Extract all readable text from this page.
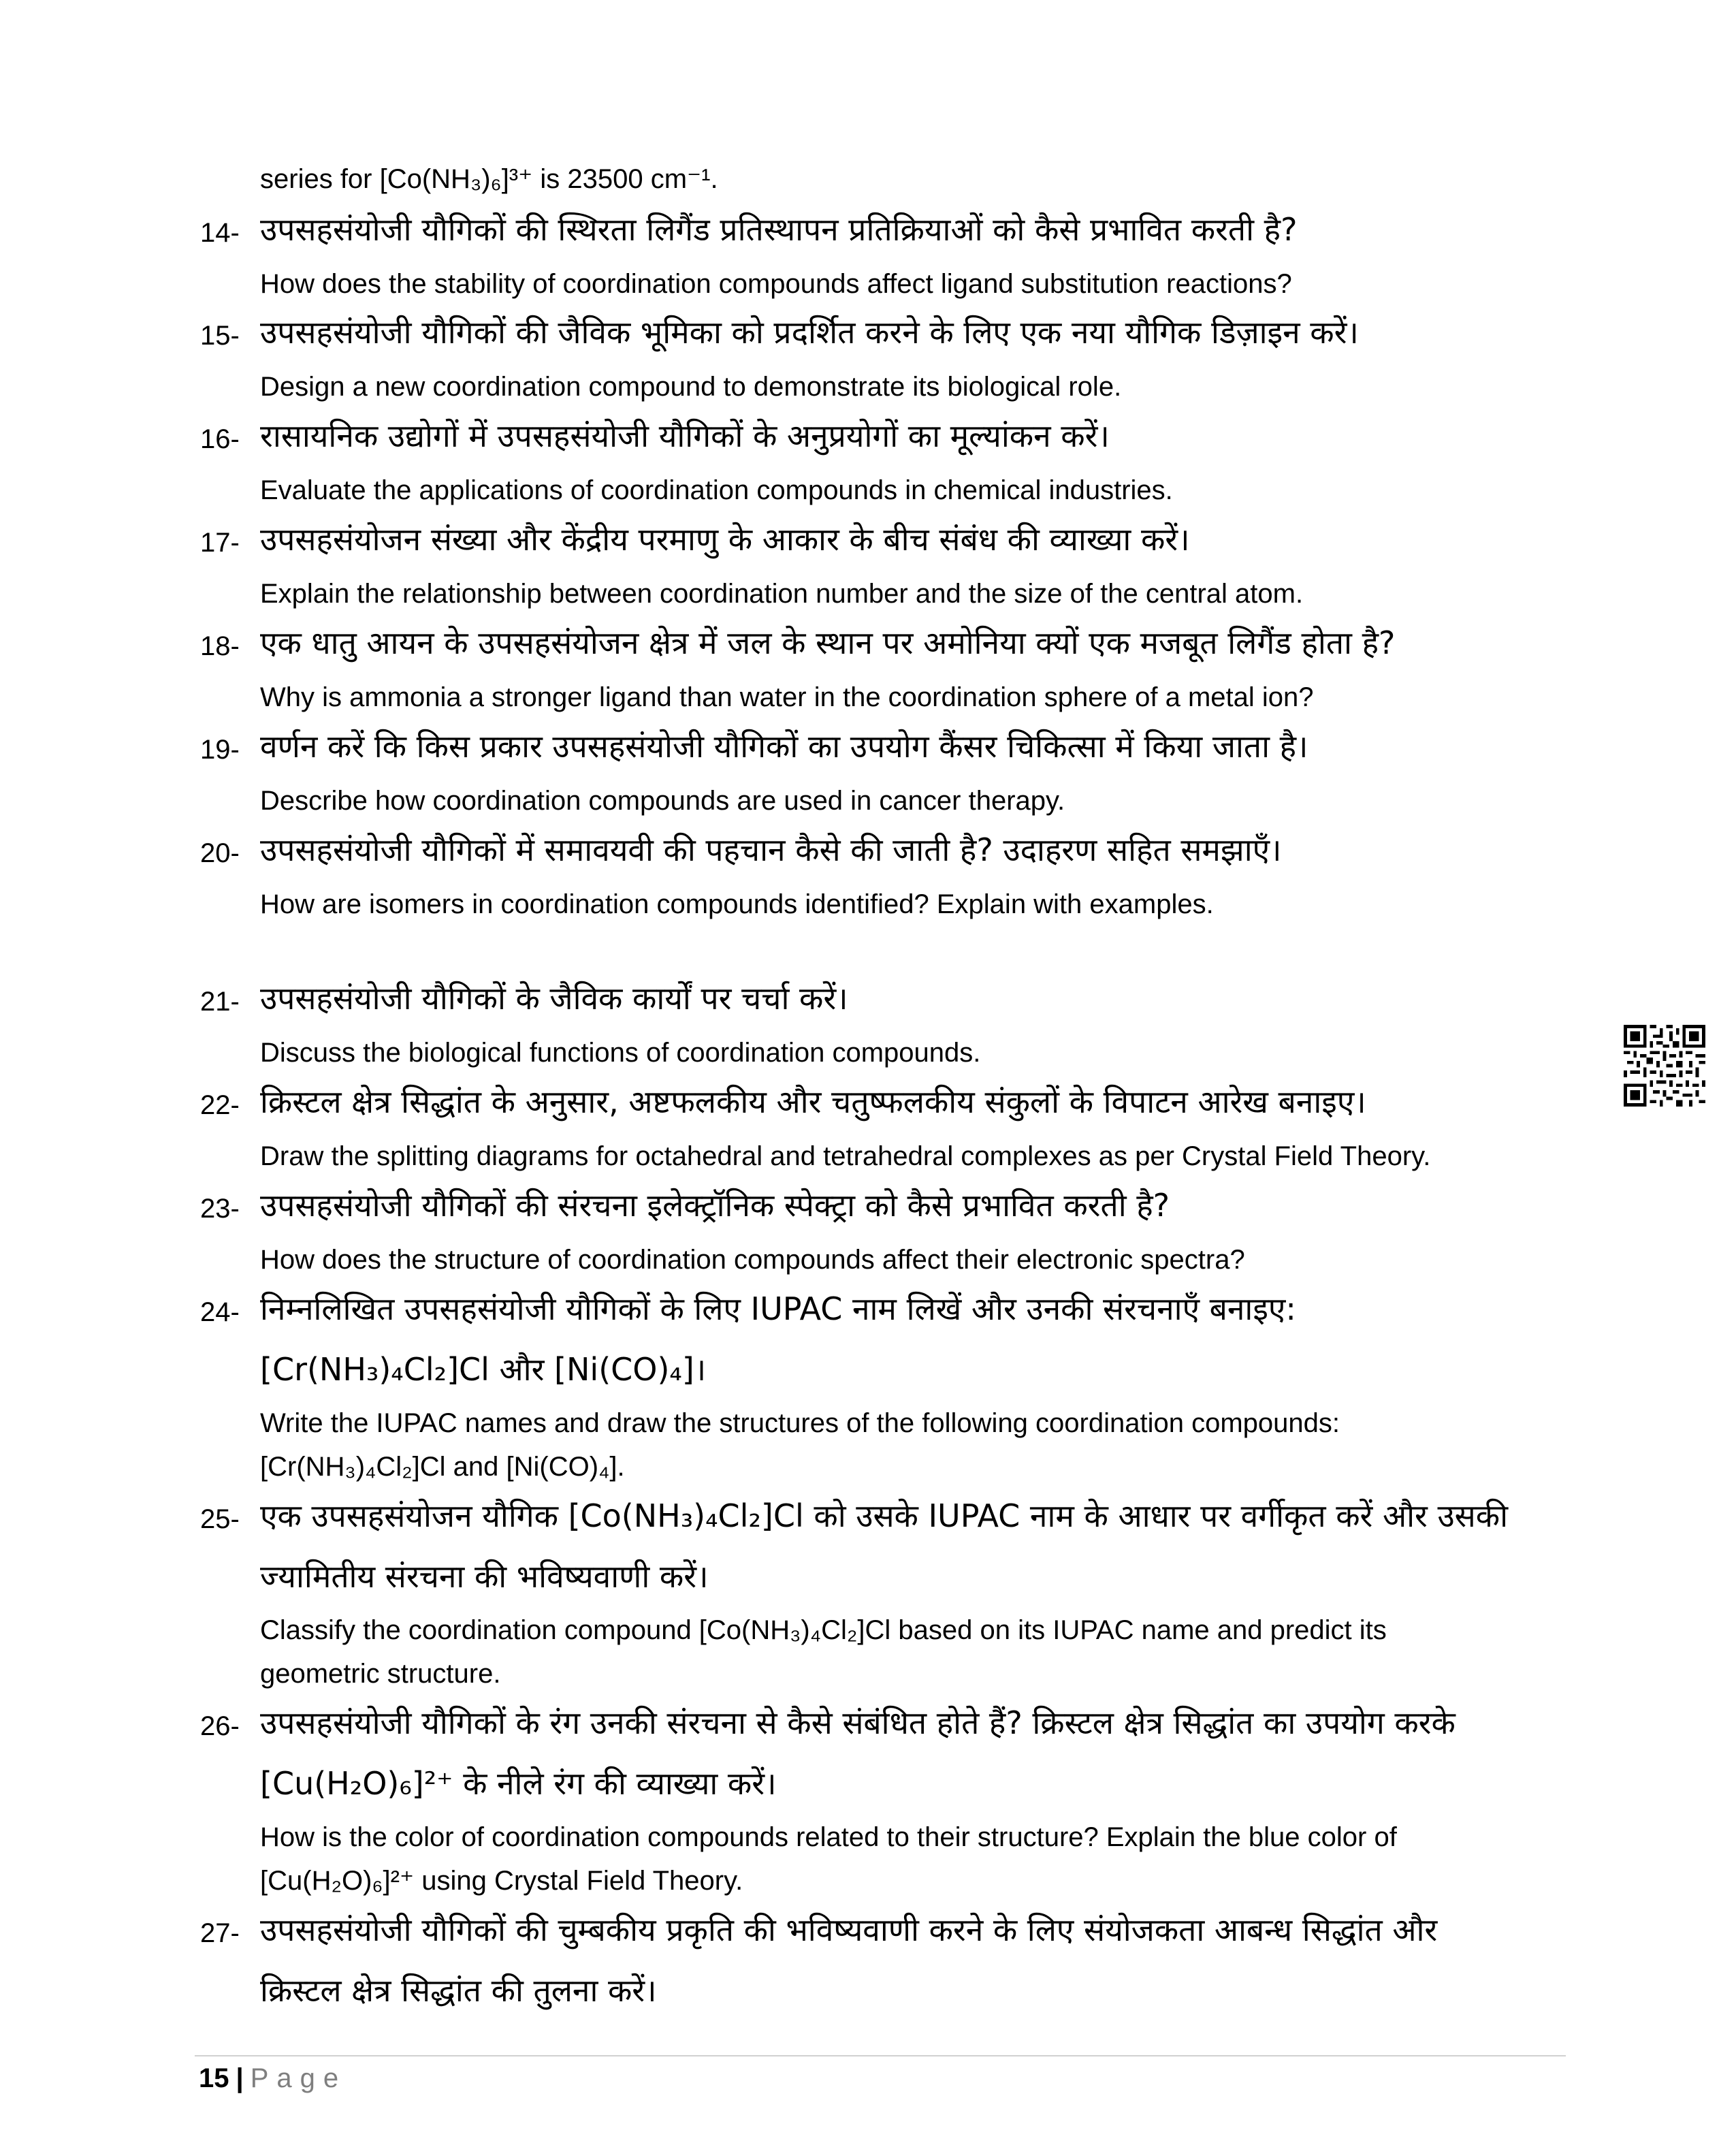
series for [Co(NH₃)₆]³⁺ is 23500 cm⁻¹.
14- उपसहसंयोजी यौगिकों की स्थिरता लिगैंड प्रतिस्थापन प्रतिक्रियाओं को कैसे प्रभावित करती है?
How does the stability of coordination compounds affect ligand substitution reactions?
15- उपसहसंयोजी यौगिकों की जैविक भूमिका को प्रदर्शित करने के लिए एक नया यौगिक डिज़ाइन करें।
Design a new coordination compound to demonstrate its biological role.
16- रासायनिक उद्योगों में उपसहसंयोजी यौगिकों के अनुप्रयोगों का मूल्यांकन करें।
Evaluate the applications of coordination compounds in chemical industries.
17- उपसहसंयोजन संख्या और केंद्रीय परमाणु के आकार के बीच संबंध की व्याख्या करें।
Explain the relationship between coordination number and the size of the central atom.
18- एक धातु आयन के उपसहसंयोजन क्षेत्र में जल के स्थान पर अमोनिया क्यों एक मजबूत लिगैंड होता है?
Why is ammonia a stronger ligand than water in the coordination sphere of a metal ion?
19- वर्णन करें कि किस प्रकार उपसहसंयोजी यौगिकों का उपयोग कैंसर चिकित्सा में किया जाता है।
Describe how coordination compounds are used in cancer therapy.
20- उपसहसंयोजी यौगिकों में समावयवी की पहचान कैसे की जाती है? उदाहरण सहित समझाएँ।
How are isomers in coordination compounds identified? Explain with examples.
21- उपसहसंयोजी यौगिकों के जैविक कार्यों पर चर्चा करें।
Discuss the biological functions of coordination compounds.
22- क्रिस्टल क्षेत्र सिद्धांत के अनुसार, अष्टफलकीय और चतुष्फलकीय संकुलों के विपाटन आरेख बनाइए।
Draw the splitting diagrams for octahedral and tetrahedral complexes as per Crystal Field Theory.
23- उपसहसंयोजी यौगिकों की संरचना इलेक्ट्रॉनिक स्पेक्ट्रा को कैसे प्रभावित करती है?
How does the structure of coordination compounds affect their electronic spectra?
24- निम्नलिखित उपसहसंयोजी यौगिकों के लिए IUPAC नाम लिखें और उनकी संरचनाएँ बनाइए:
[Cr(NH₃)₄Cl₂]Cl और [Ni(CO)₄]।
Write the IUPAC names and draw the structures of the following coordination compounds:
[Cr(NH₃)₄Cl₂]Cl and [Ni(CO)₄].
25- एक उपसहसंयोजन यौगिक [Co(NH₃)₄Cl₂]Cl को उसके IUPAC नाम के आधार पर वर्गीकृत करें और उसकी
ज्यामितीय संरचना की भविष्यवाणी करें।
Classify the coordination compound [Co(NH₃)₄Cl₂]Cl based on its IUPAC name and predict its
geometric structure.
26- उपसहसंयोजी यौगिकों के रंग उनकी संरचना से कैसे संबंधित होते हैं? क्रिस्टल क्षेत्र सिद्धांत का उपयोग करके
[Cu(H₂O)₆]²⁺ के नीले रंग की व्याख्या करें।
How is the color of coordination compounds related to their structure? Explain the blue color of
[Cu(H₂O)₆]²⁺ using Crystal Field Theory.
27- उपसहसंयोजी यौगिकों की चुम्बकीय प्रकृति की भविष्यवाणी करने के लिए संयोजकता आबन्ध सिद्धांत और
क्रिस्टल क्षेत्र सिद्धांत की तुलना करें।
15 | Page
